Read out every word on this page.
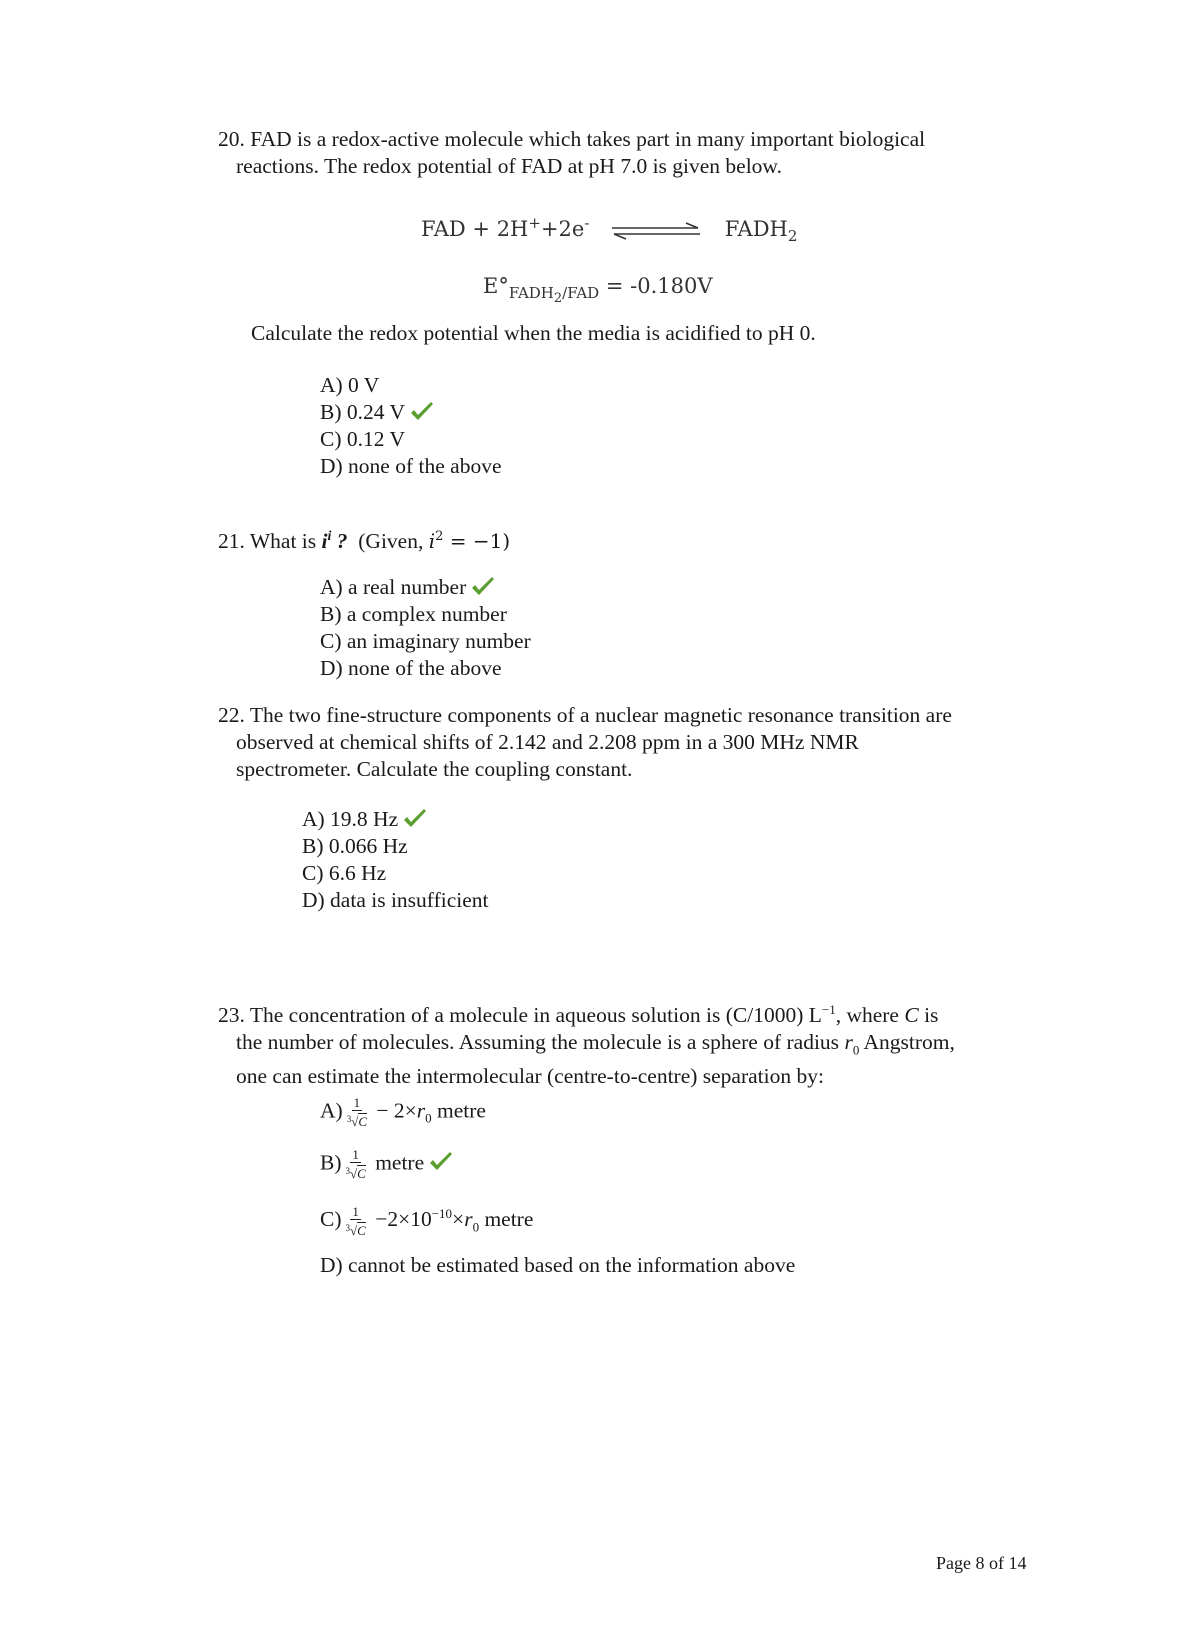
20. FAD is a redox-active molecule which takes part in many important biological
reactions. The redox potential of FAD at pH 7.0 is given below.
FAD + 2H++2e-	$FADH_2$
$E^\circ_{FADH_2/FAD} = -0.180V$
Calculate the redox potential when the media is acidified to pH 0.
A) 0 V
B) 0.24 V
C) 0.12 V
D) none of the above
21. What is $i^i$ ? (Given, $i^2 = -1$)
A) a real number
B) a complex number
C) an imaginary number
D) none of the above
22. The two fine-structure components of a nuclear magnetic resonance transition are
observed at chemical shifts of 2.142 and 2.208 ppm in a 300 MHz NMR
spectrometer. Calculate the coupling constant.
A) 19.8 Hz
B) 0.066 Hz
C) 6.6 Hz
D) data is insufficient
23. The concentration of a molecule in aqueous solution is (C/1000) $L^{-1}$, where C is
the number of molecules. Assuming the molecule is a sphere of radius $r_0$ Angstrom,
one can estimate the intermolecular (centre-to-centre) separation by:
$A) \frac{1}{^3√C} - 2\times r_0$ metre
$B) \frac{1}{^3√C}$ metre
$C) \frac{1}{^3√C} -2\times 10^{-10}\times r_0$ metre
D) cannot be estimated based on the information above
Page 8 of 14
